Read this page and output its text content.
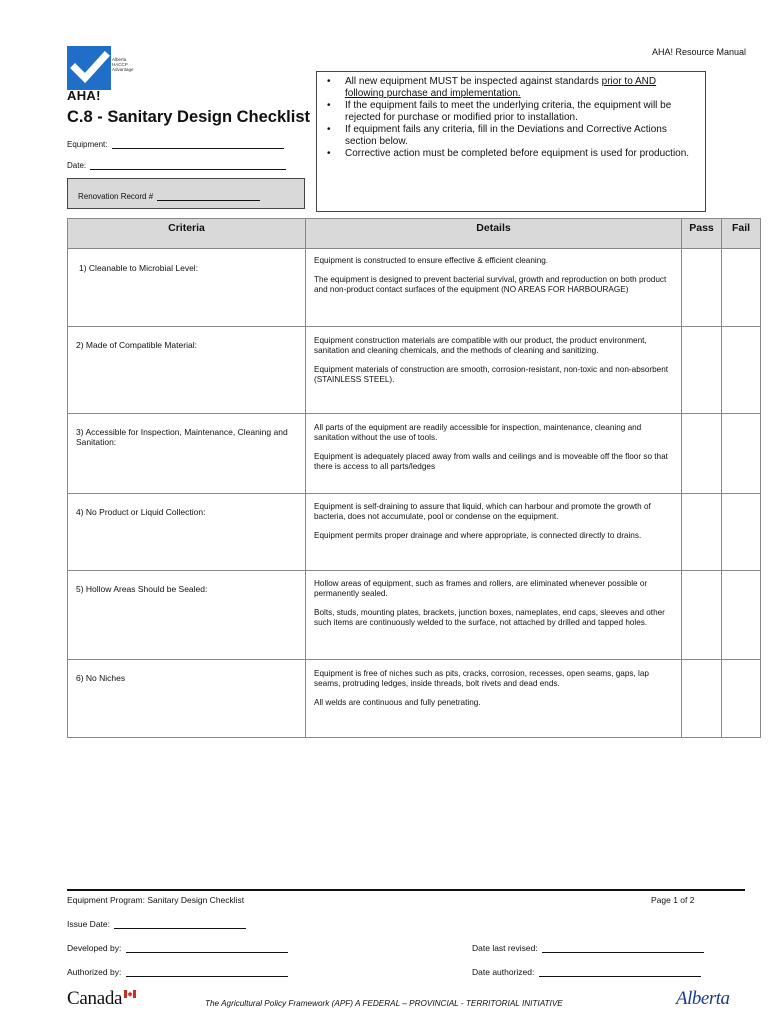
Alberta
HACCP
Advantage
AHA!
AHA! Resource Manual
C.8 - Sanitary Design Checklist
Equipment:
Date:
Renovation Record #
• All new equipment MUST be inspected against standards prior to AND following purchase and implementation.
• If the equipment fails to meet the underlying criteria, the equipment will be rejected for purchase or modified prior to installation.
• If equipment fails any criteria, fill in the Deviations and Corrective Actions section below.
• Corrective action must be completed before equipment is used for production.
Criteria	Details	Pass	Fail
1) Cleanable to Microbial Level:	Equipment is constructed to ensure effective & efficient cleaning.

The equipment is designed to prevent bacterial survival, growth and reproduction on both product and non-product contact surfaces of the equipment (NO AREAS FOR HARBOURAGE)		

2) Made of Compatible Material:	Equipment construction materials are compatible with our product, the product environment, sanitation and cleaning chemicals, and the methods of cleaning and sanitizing.

Equipment materials of construction are smooth, corrosion-resistant, non-toxic and non-absorbent (STAINLESS STEEL).		

3) Accessible for Inspection, Maintenance, Cleaning and Sanitation:	All parts of the equipment are readily accessible for inspection, maintenance, cleaning and sanitation without the use of tools.

Equipment is adequately placed away from walls and ceilings and is moveable off the floor so that there is access to all parts/ledges		

4) No Product or Liquid Collection:	Equipment is self-draining to assure that liquid, which can harbour and promote the growth of bacteria, does not accumulate, pool or condense on the equipment.

Equipment permits proper drainage and where appropriate, is connected directly to drains.		

5) Hollow Areas Should be Sealed:	Hollow areas of equipment, such as frames and rollers, are eliminated whenever possible or permanently sealed.

Bolts, studs, mounting plates, brackets, junction boxes, nameplates, end caps, sleeves and other such items are continuously welded to the surface, not attached by drilled and tapped holes.		

6) No Niches	Equipment is free of niches such as pits, cracks, corrosion, recesses, open seams, gaps, lap seams, protruding ledges, inside threads, bolt rivets and dead ends.

All welds are continuous and fully penetrating.		

Equipment Program: Sanitary Design Checklist	Page 1 of 2
Issue Date:
Developed by:	Date last revised:
Authorized by:	Date authorized:
Canada	The Agricultural Policy Framework (APF) A FEDERAL – PROVINCIAL - TERRITORIAL INITIATIVE	Alberta
